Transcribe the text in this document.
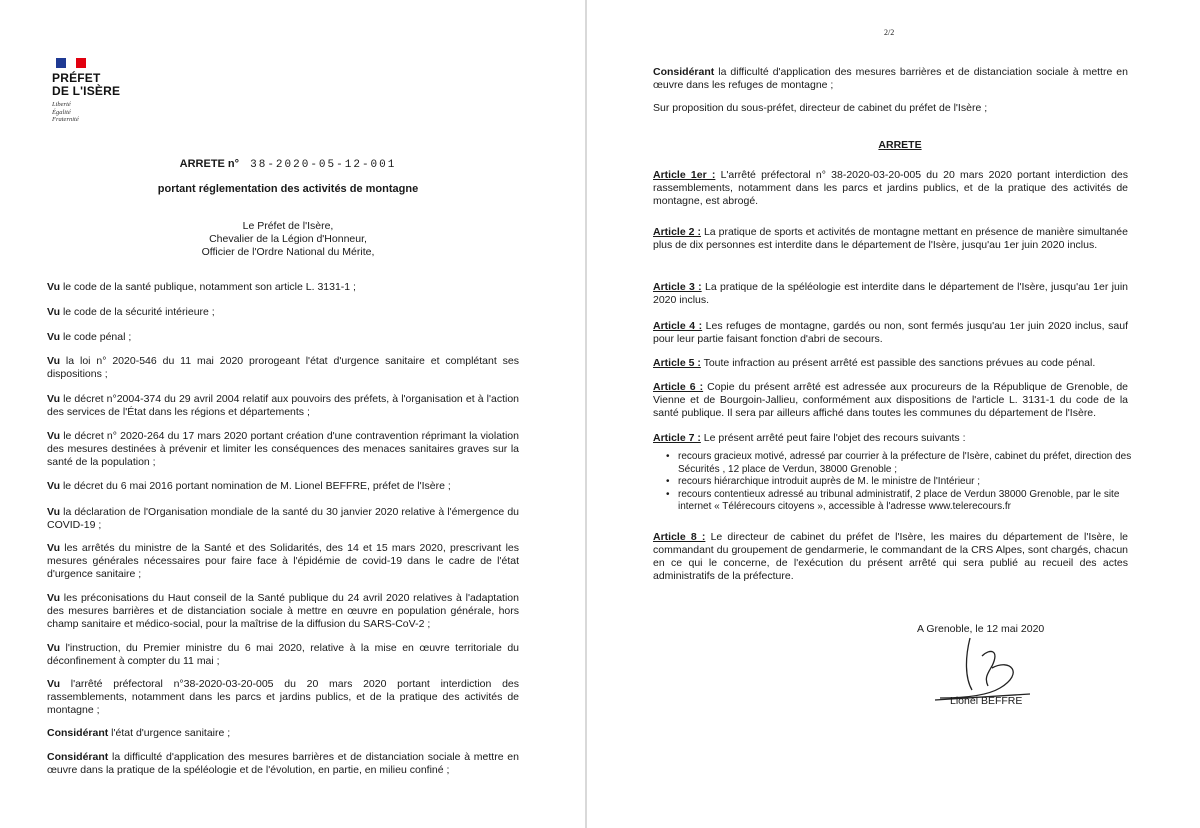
PRÉFET
DE L'ISÈRE
Liberté
Égalité
Fraternité
ARRETE n° 38-2020-05-12-001
portant réglementation des activités de montagne
Le Préfet de l'Isère,
Chevalier de la Légion d'Honneur,
Officier de l'Ordre National du Mérite,
Vu le code de la santé publique, notamment son article L. 3131-1 ;
Vu le code de la sécurité intérieure ;
Vu le code pénal ;
Vu la loi n° 2020-546 du 11 mai 2020 prorogeant l'état d'urgence sanitaire et complétant ses dispositions ;
Vu le décret n°2004-374 du 29 avril 2004 relatif aux pouvoirs des préfets, à l'organisation et à l'action des services de l'État dans les régions et départements ;
Vu le décret n° 2020-264 du 17 mars 2020 portant création d'une contravention réprimant la violation des mesures destinées à prévenir et limiter les conséquences des menaces sanitaires graves sur la santé de la population ;
Vu le décret du 6 mai 2016 portant nomination de M. Lionel BEFFRE, préfet de l'Isère ;
Vu la déclaration de l'Organisation mondiale de la santé du 30 janvier 2020 relative à l'émergence du COVID-19 ;
Vu les arrêtés du ministre de la Santé et des Solidarités, des 14 et 15 mars 2020, prescrivant les mesures générales nécessaires pour faire face à l'épidémie de covid-19 dans le cadre de l'état d'urgence sanitaire ;
Vu les préconisations du Haut conseil de la Santé publique du 24 avril 2020 relatives à l'adaptation des mesures barrières et de distanciation sociale à mettre en œuvre en population générale, hors champ sanitaire et médico-social, pour la maîtrise de la diffusion du SARS-CoV-2 ;
Vu l'instruction, du Premier ministre du 6 mai 2020, relative à la mise en œuvre territoriale du déconfinement à compter du 11 mai ;
Vu l'arrêté préfectoral n°38-2020-03-20-005 du 20 mars 2020 portant interdiction des rassemblements, notamment dans les parcs et jardins publics, et de la pratique des activités de montagne ;
Considérant l'état d'urgence sanitaire ;
Considérant la difficulté d'application des mesures barrières et de distanciation sociale à mettre en œuvre dans la pratique de la spéléologie et de l'évolution, en partie, en milieu confiné ;
2/2
Considérant la difficulté d'application des mesures barrières et de distanciation sociale à mettre en œuvre dans les refuges de montagne ;
Sur proposition du sous-préfet, directeur de cabinet du préfet de l'Isère ;
ARRETE
Article 1er : L'arrêté préfectoral n° 38-2020-03-20-005 du 20 mars 2020 portant interdiction des rassemblements, notamment dans les parcs et jardins publics, et de la pratique des activités de montagne, est abrogé.
Article 2 : La pratique de sports et activités de montagne mettant en présence de manière simultanée plus de dix personnes est interdite dans le département de l'Isère, jusqu'au 1er juin 2020 inclus.
Article 3 : La pratique de la spéléologie est interdite dans le département de l'Isère, jusqu'au 1er juin 2020 inclus.
Article 4 : Les refuges de montagne, gardés ou non, sont fermés jusqu'au 1er juin 2020 inclus, sauf pour leur partie faisant fonction d'abri de secours.
Article 5 : Toute infraction au présent arrêté est passible des sanctions prévues au code pénal.
Article 6 : Copie du présent arrêté est adressée aux procureurs de la République de Grenoble, de Vienne et de Bourgoin-Jallieu, conformément aux dispositions de l'article L. 3131-1 du code de la santé publique. Il sera par ailleurs affiché dans toutes les communes du département de l'Isère.
Article 7 : Le présent arrêté peut faire l'objet des recours suivants :
• recours gracieux motivé, adressé par courrier à la préfecture de l'Isère, cabinet du préfet, direction des Sécurités , 12 place de Verdun, 38000 Grenoble ;
• recours hiérarchique introduit auprès de M. le ministre de l'Intérieur ;
• recours contentieux adressé au tribunal administratif, 2 place de Verdun 38000 Grenoble, par le site internet « Télérecours citoyens », accessible à l'adresse www.telerecours.fr
Article 8 : Le directeur de cabinet du préfet de l'Isère, les maires du département de l'Isère, le commandant du groupement de gendarmerie, le commandant de la CRS Alpes, sont chargés, chacun en ce qui le concerne, de l'exécution du présent arrêté qui sera publié au recueil des actes administratifs de la préfecture.
A Grenoble, le 12 mai 2020
Lionel BEFFRE
